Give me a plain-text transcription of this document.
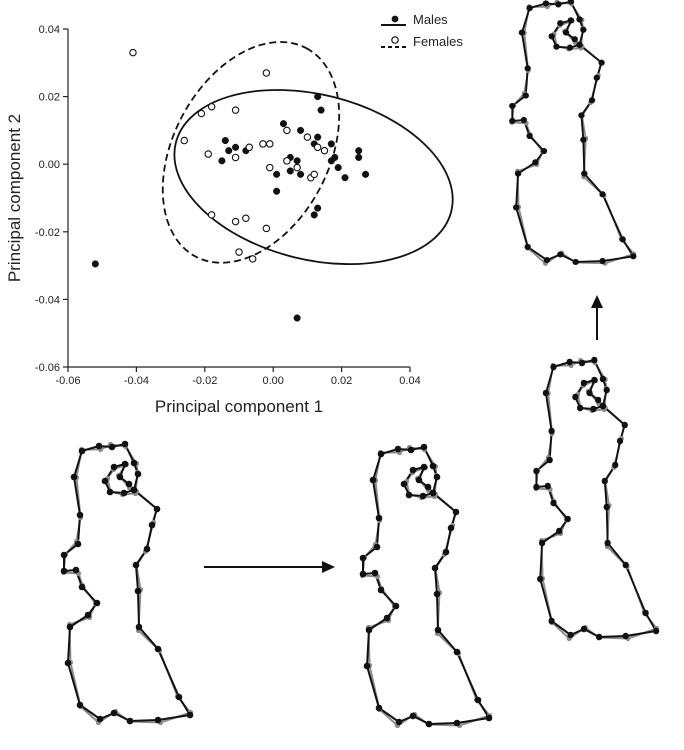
-0.06	-0.04	-0.02	0.00	0.02	0.04
-0.06
-0.04
-0.02
0.00
0.02
0.04
Principal component 1
Principal component 2
Males
Females
